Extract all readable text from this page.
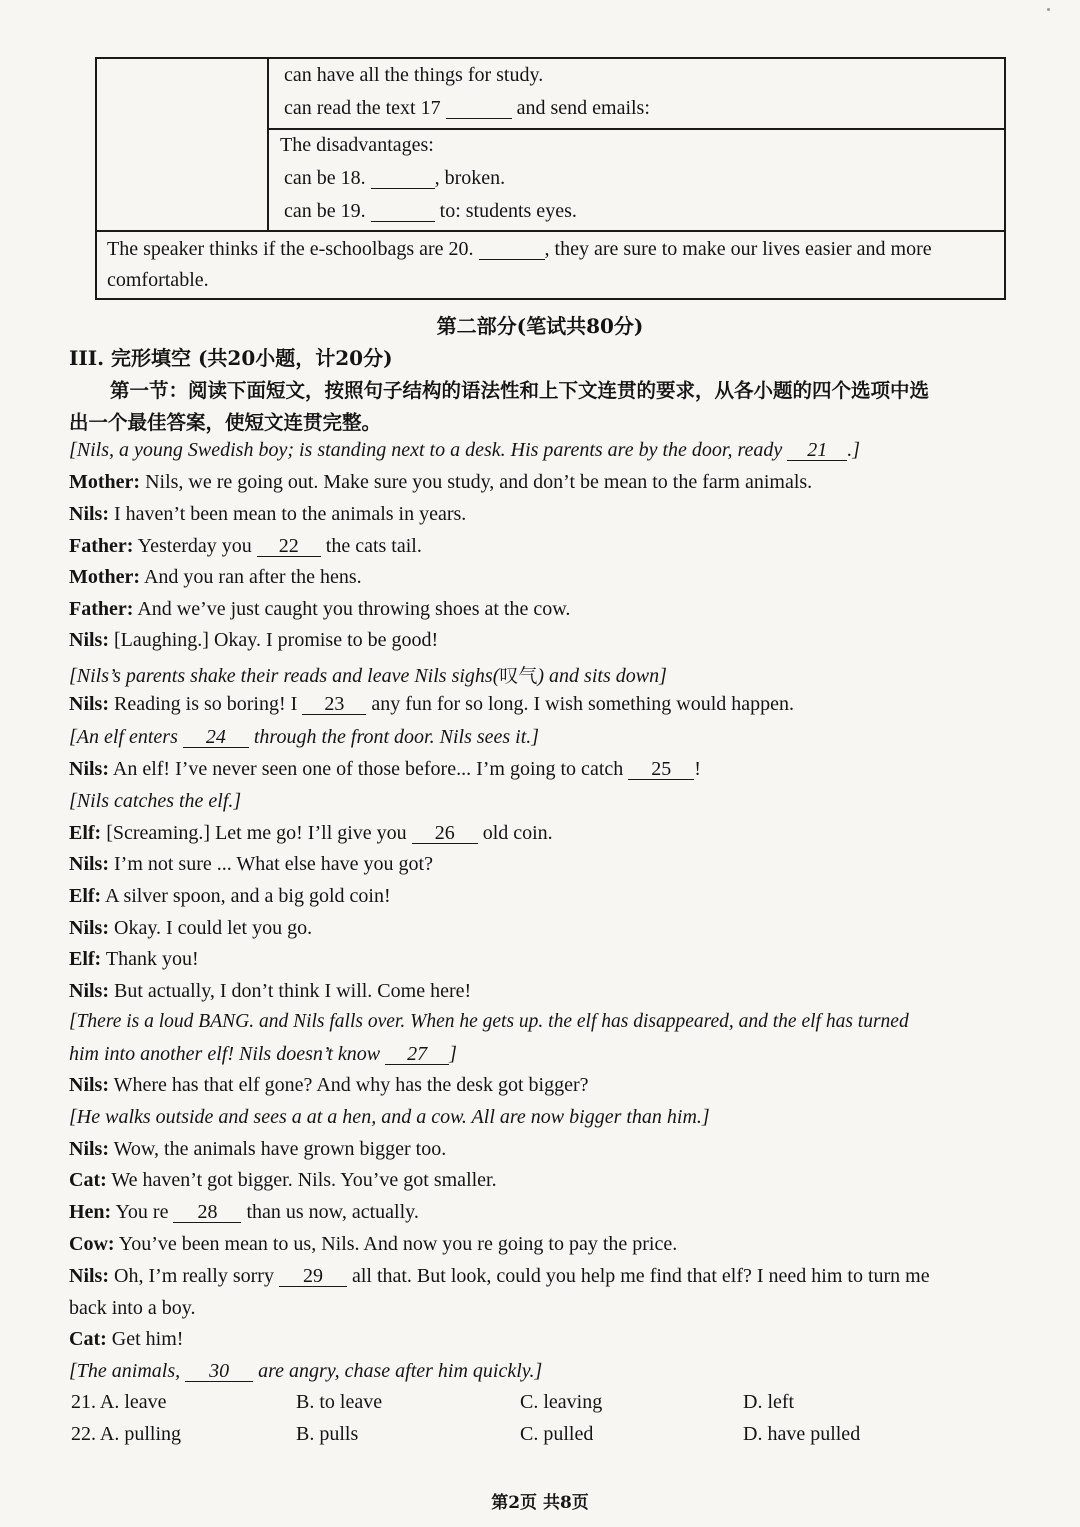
can have all the things for study.
can read the text 17	and send emails:
The disadvantages:
can be 18.	, broken.
can be 19.	to: students eyes.
The speaker thinks if the e-schoolbags are 20.	, they are sure to make our lives easier and more
comfortable.
第二部分(笔试共80分)
III. 完形填空 (共20小题，计20分)
第一节：阅读下面短文，按照句子结构的语法性和上下文连贯的要求，从各小题的四个选项中选
出一个最佳答案，使短文连贯完整。
[Nils, a young Swedish boy; is standing next to a desk. His parents are by the door, ready 21 .]
Mother: Nils, we re going out. Make sure you study, and don’t be mean to the farm animals.
Nils: I haven’t been mean to the animals in years.
Father: Yesterday you 22 the cats tail.
Mother: And you ran after the hens.
Father: And we’ve just caught you throwing shoes at the cow.
Nils: [Laughing.] Okay. I promise to be good!
[Nils’s parents shake their reads and leave Nils sighs(叹气) and sits down]
Nils: Reading is so boring! I 23 any fun for so long. I wish something would happen.
[An elf enters 24 through the front door. Nils sees it.]
Nils: An elf! I’ve never seen one of those before... I’m going to catch 25 !
[Nils catches the elf.]
Elf: [Screaming.] Let me go! I’ll give you 26 old coin.
Nils: I’m not sure ... What else have you got?
Elf: A silver spoon, and a big gold coin!
Nils: Okay. I could let you go.
Elf: Thank you!
Nils: But actually, I don’t think I will. Come here!
[There is a loud BANG. and Nils falls over. When he gets up. the elf has disappeared, and the elf has turned
him into another elf! Nils doesn’t know 27 ]
Nils: Where has that elf gone? And why has the desk got bigger?
[He walks outside and sees a at a hen, and a cow. All are now bigger than him.]
Nils: Wow, the animals have grown bigger too.
Cat: We haven’t got bigger. Nils. You’ve got smaller.
Hen: You re 28 than us now, actually.
Cow: You’ve been mean to us, Nils. And now you re going to pay the price.
Nils: Oh, I’m really sorry 29 all that. But look, could you help me find that elf? I need him to turn me
back into a boy.
Cat: Get him!
[The animals, 30 are angry, chase after him quickly.]
21. A. leave	B. to leave	C. leaving	D. left
22. A. pulling	B. pulls	C. pulled	D. have pulled
第2页 共8页
